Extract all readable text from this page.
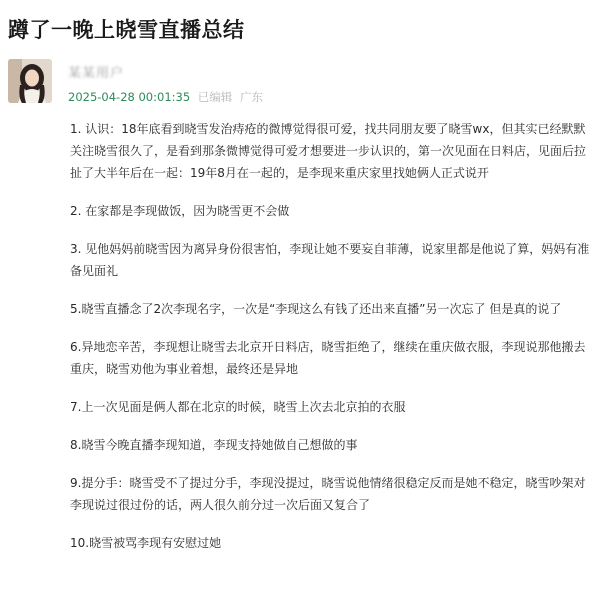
蹲了一晚上晓雪直播总结
某某用户
2025-04-28 00:01:35 已编辑 广东

1. 认识：18年底看到晓雪发治痔疮的微博觉得很可爱，找共同朋友要了晓雪wx，但其实已经默默关注晓雪很久了，是看到那条微博觉得可爱才想要进一步认识的，第一次见面在日料店，见面后拉扯了大半年后在一起：19年8月在一起的，是李现来重庆家里找她俩人正式说开

2. 在家都是李现做饭，因为晓雪更不会做

3. 见他妈妈前晓雪因为离异身份很害怕，李现让她不要妄自菲薄，说家里都是他说了算，妈妈有准备见面礼

5.晓雪直播念了2次李现名字，一次是“李现这么有钱了还出来直播”另一次忘了 但是真的说了

6.异地恋辛苦，李现想让晓雪去北京开日料店，晓雪拒绝了，继续在重庆做衣服，李现说那他搬去重庆，晓雪劝他为事业着想，最终还是异地

7.上一次见面是俩人都在北京的时候，晓雪上次去北京拍的衣服

8.晓雪今晚直播李现知道，李现支持她做自己想做的事

9.提分手：晓雪受不了提过分手，李现没提过，晓雪说他情绪很稳定反而是她不稳定，晓雪吵架对李现说过很过份的话，两人很久前分过一次后面又复合了

10.晓雪被骂李现有安慰过她
